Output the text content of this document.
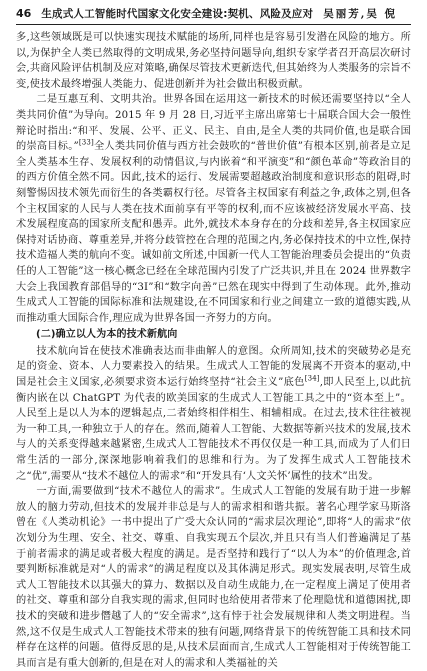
46 生成式人工智能时代国家文化安全建设:契机、风险及应对 吴丽芳,吴 倪

多,这些领域既是可以快速实现技术赋能的场所,同样也是容易引发潜在风险的地方。所以,为保护全人类已然取得的文明成果,务必坚持问题导向,组织专家学者召开高层次研讨会,共商风险评估机制及应对策略,确保尽管技术更新迭代,但其始终为人类服务的宗旨不变,使技术最终增强人类能力、促进创新并为社会做出积极贡献。

二是互惠互利、文明共治。世界各国在运用这一新技术的时候还需要坚持以“全人类共同价值”为导向。2015 年 9 月 28 日,习近平主席出席第七十届联合国大会一般性辩论时指出:“和平、发展、公平、正义、民主、自由,是全人类的共同价值,也是联合国的崇高目标。”[33]全人类共同价值与西方社会鼓吹的“普世价值”有根本区别,前者是立足全人类基本生存、发展权利的动情倡议,与内嵌着“和平演变”和“颜色革命”等政治目的的西方价值全然不同。因此,技术的运行、发展需要超越政治制度和意识形态的阻碍,时刻警惕因技术领先而衍生的各类霸权行径。尽管各主权国家有利益之争,政体之别,但各个主权国家的人民与人类在技术面前享有平等的权利,而不应该被经济发展水平高、技术发展程度高的国家所支配和愚弄。此外,就技术本身存在的分歧和差异,各主权国家应保持对话协商、尊重差异,并将分歧管控在合理的范围之内,务必保持技术的中立性,保持技术造福人类的航向不变。诚如前文所述,中国新一代人工智能治理委员会提出的“负责任的人工智能”这一核心概念已经在全球范围内引发了广泛共识,并且在 2024 世界数字大会上我国教育部倡导的“3I”和“数字向善”已然在现实中得到了生动体现。此外,推动生成式人工智能的国际标准和法规建设,在不同国家和行业之间建立一致的道德实践,从而推动重大国际合作,理应成为世界各国一齐努力的方向。

(二)确立以人为本的技术新航向

技术航向旨在使技术准确表达而非曲解人的意图。众所周知,技术的突破势必是充足的资金、资本、人力要素投入的结果。生成式人工智能的发展离不开资本的驱动,中国是社会主义国家,必须要求资本运行始终坚持“社会主义”底色[34],即人民至上,以此抗衡内嵌在以 ChatGPT 为代表的欧美国家的生成式人工智能工具之中的“资本至上”。人民至上是以人为本的逻辑起点,二者始终相伴相生、相辅相成。在过去,技术往往被视为一种工具,一种独立于人的存在。然而,随着人工智能、大数据等新兴技术的发展,技术与人的关系变得越来越紧密,生成式人工智能技术不再仅仅是一种工具,而成为了人们日常生活的一部分,深深地影响着我们的思维和行为。为了发挥生成式人工智能技术之“优”,需要从“技术不越位人的需求”和“开发具有‘人文关怀’属性的技术”出发。

一方面,需要做到“技术不越位人的需求”。生成式人工智能的发展有助于进一步解放人的脑力劳动,但技术的发展并非总是与人的需求相和谐共振。著名心理学家马斯洛曾在《人类动机论》一书中提出了广受大众认同的“需求层次理论”,即将“人的需求”依次划分为生理、安全、社交、尊重、自我实现五个层次,并且只有当人们普遍满足了基于前者需求的满足或者极大程度的满足。是否坚持和践行了“以人为本”的价值理念,首要判断标准就是对“人的需求”的满足程度以及其体满足形式。现实发展表明,尽管生成式人工智能技术以其强大的算力、数据以及自动生成能力,在一定程度上满足了使用者的社交、尊重和部分自我实现的需求,但同时也给使用者带来了伦理隐忧和道德困扰,即技术的突破和进步僭越了人的“安全需求”,这有悖于社会发展规律和人类文明进程。当然,这不仅是生成式人工智能技术带来的独有问题,网络背景下的传统智能工具和技术同样存在这样的问题。值得反思的是,从技术层面而言,生成式人工智能相对于传统智能工具而言是有重大创新的,但是在对人的需求和人类福祉的关
